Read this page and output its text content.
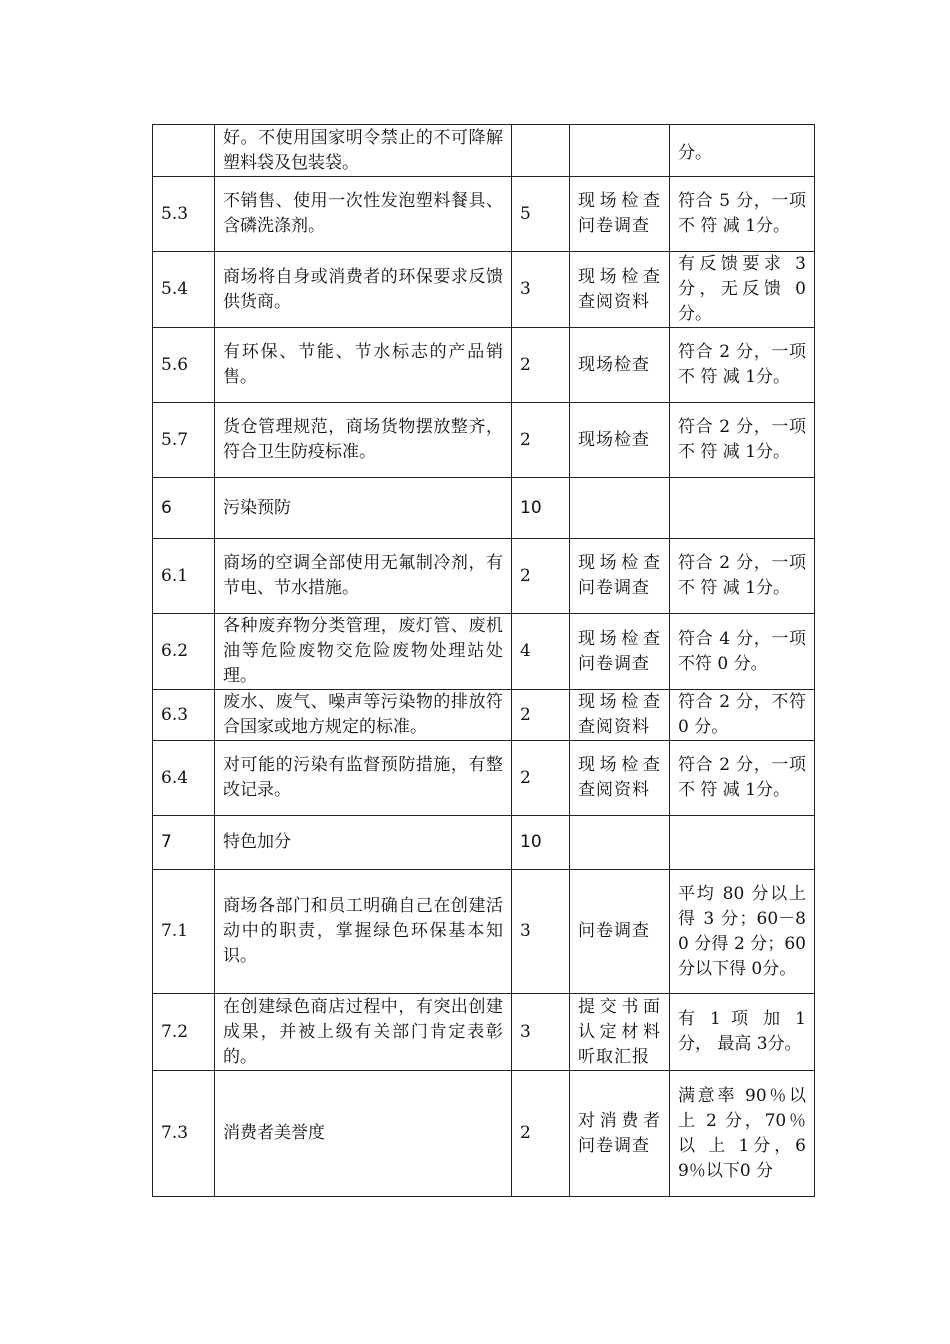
	好。不使用国家明令禁止的不可降解塑料袋及包装袋。			分。
5.3	不销售、使用一次性发泡塑料餐具、含磷洗涤剂。	5	现场检查问卷调查	符合 5 分，一项 不 符 减 1分。
5.4	商场将自身或消费者的环保要求反馈供货商。	3	现场检查查阅资料	有反馈要求 3分，无反馈 0分。
5.6	有环保、节能、节水标志的产品销售。	2	现场检查	符合 2 分，一项 不 符 减 1分。
5.7	货仓管理规范，商场货物摆放整齐，符合卫生防疫标准。	2	现场检查	符合 2 分，一项 不 符 减 1分。
6	污染预防	10		
6.1	商场的空调全部使用无氟制冷剂，有节电、节水措施。	2	现场检查问卷调查	符合 2 分，一项 不 符 减 1分。
6.2	各种废弃物分类管理，废灯管、废机油等危险废物交危险废物处理站处理。	4	现场检查问卷调查	符合 4 分，一项不符 0 分。
6.3	废水、废气、噪声等污染物的排放符合国家或地方规定的标准。	2	现场检查查阅资料	符合 2 分，不符 0 分。
6.4	对可能的污染有监督预防措施，有整改记录。	2	现场检查查阅资料	符合 2 分，一项 不 符 减 1分。
7	特色加分	10		
7.1	商场各部门和员工明确自己在创建活动中的职责，掌握绿色环保基本知识。	3	问卷调查	平均 80 分以上得 3 分；60－80 分得 2 分；60 分以下得 0分。
7.2	在创建绿色商店过程中，有突出创建成果，并被上级有关部门肯定表彰的。	3	提交书面认定材料听取汇报	有 1 项 加 1分， 最高 3分。
7.3	消费者美誉度	2	对消费者问卷调查	满意率 90％以上 2 分，70％以 上 1分，69％以下0 分
